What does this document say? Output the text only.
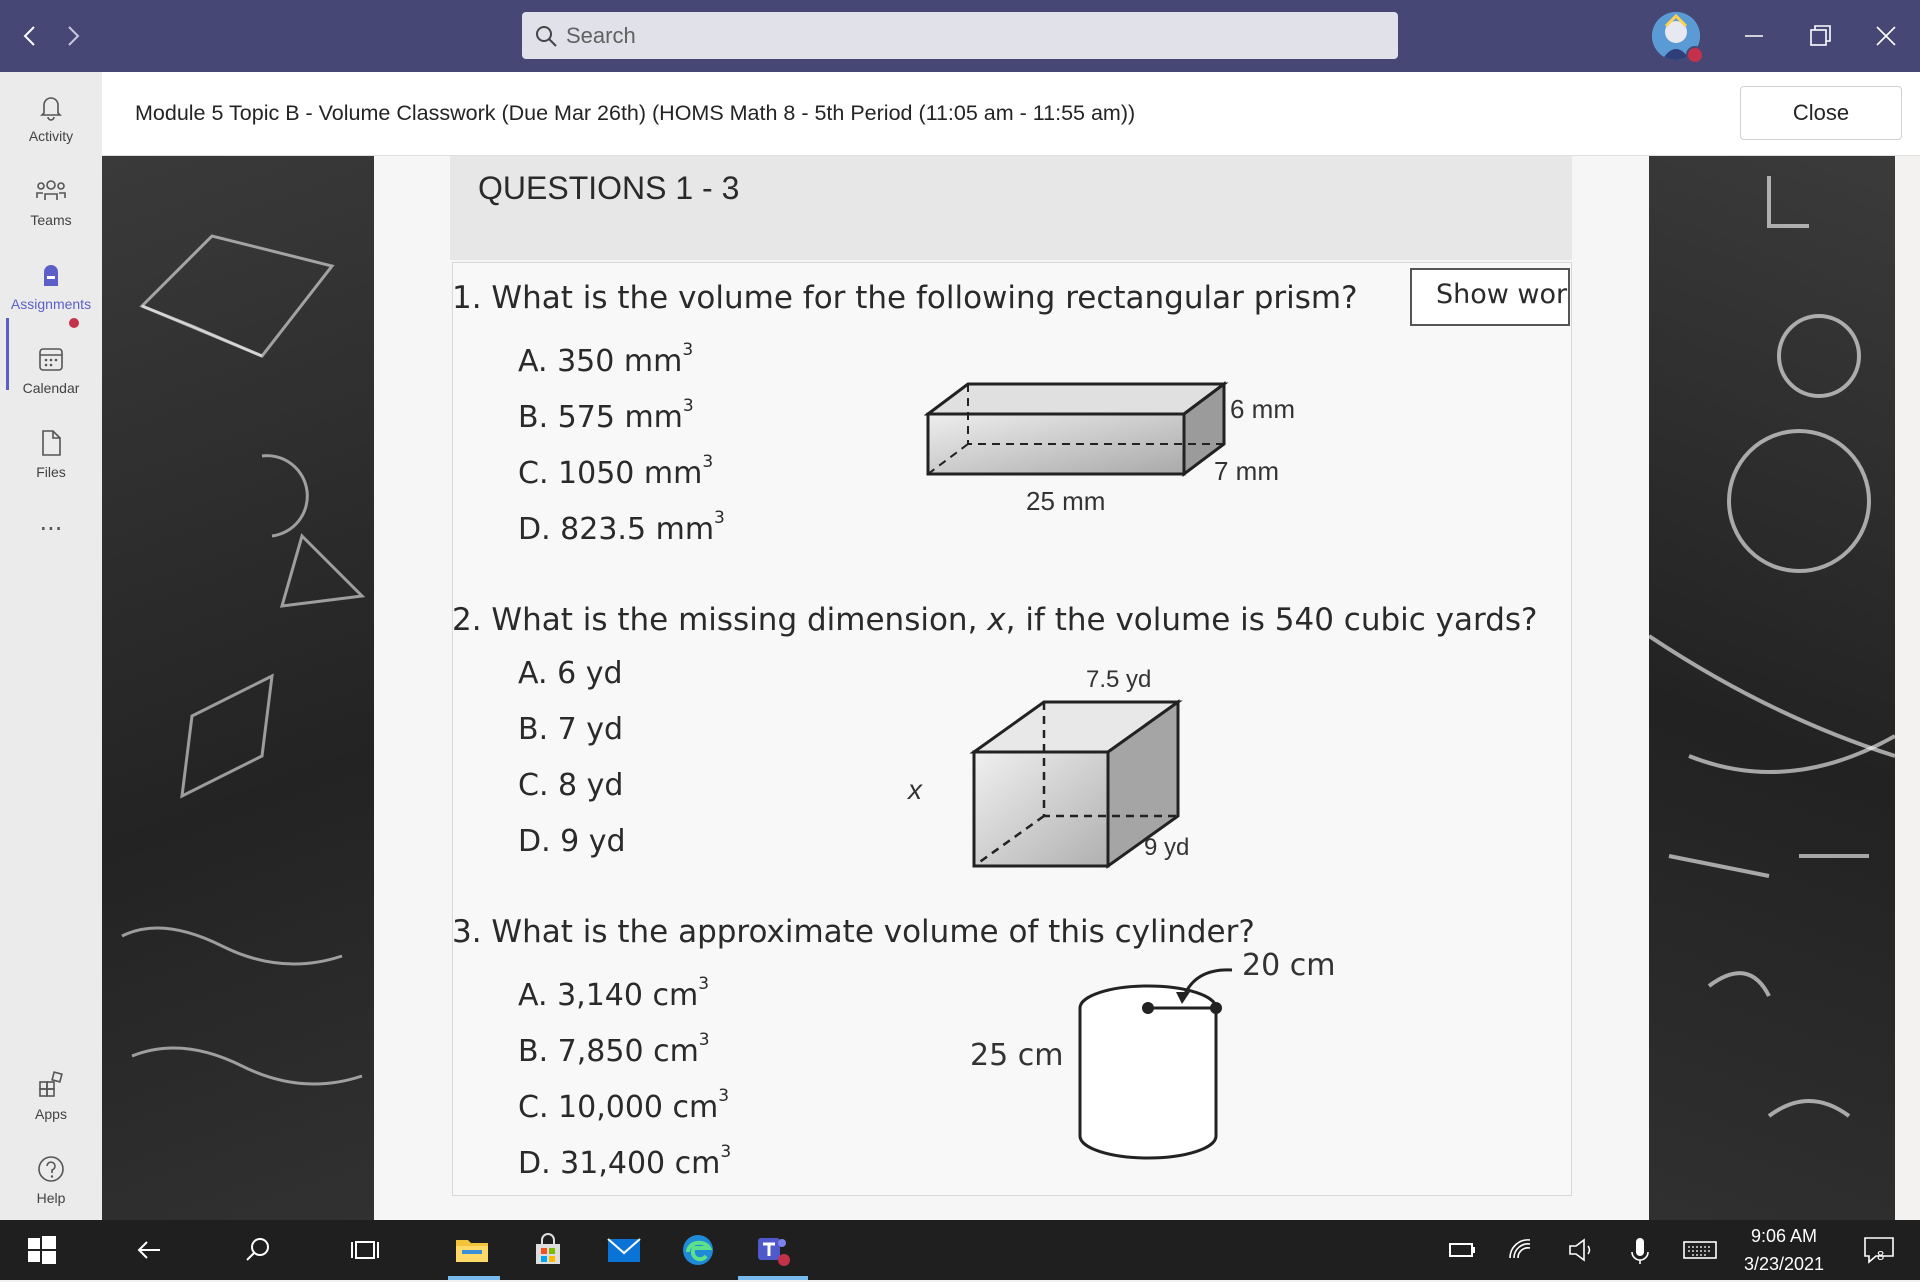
Search
Activity
Teams
Assignments
Calendar
Files
...
Apps
Help
Module 5 Topic B - Volume Classwork (Due Mar 26th) (HOMS Math 8 - 5th Period (11:05 am - 11:55 am))	Close
QUESTIONS 1 - 3
Show wor
1. What is the volume for the following rectangular prism?
A. 350 $mm^3$
B. 575 $mm^3$
C. 1050 $mm^3$
D. 823.5 $mm^3$
6 mm
7 mm
25 mm
2. What is the missing dimension, x, if the volume is 540 cubic yards?
A. 6 yd
B. 7 yd
C. 8 yd
D. 9 yd
7.5 yd
x
9 yd
3. What is the approximate volume of this cylinder?
A. 3,140 $cm^3$
B. 7,850 $cm^3$
C. 10,000 $cm^3$
D. 31,400 $cm^3$
20 cm
25 cm
9:06 AM
3/23/2021	8
